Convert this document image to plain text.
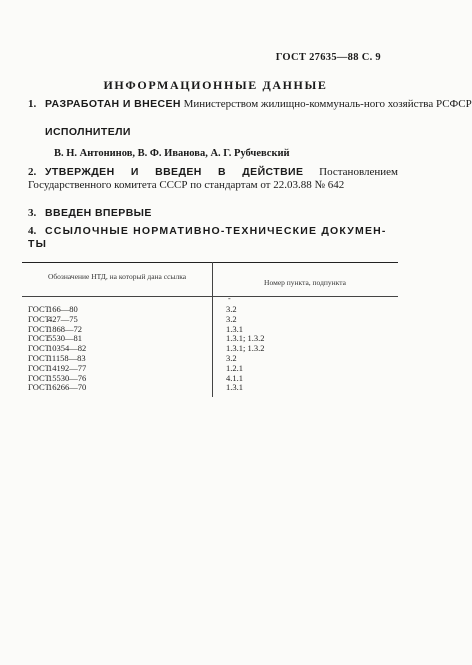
ГОСТ 27635—88 С. 9
ИНФОРМАЦИОННЫЕ ДАННЫЕ
1. РАЗРАБОТАН И ВНЕСЕН Министерством жилищно-коммуналь-ного хозяйства РСФСР
ИСПОЛНИТЕЛИ
В. Н. Антонинов, В. Ф. Иванова, А. Г. Рубчевский
2. УТВЕРЖДЕН И ВВЕДЕН В ДЕЙСТВИЕ Постановлением Государственного комитета СССР по стандартам от 22.03.88 № 642
3. ВВЕДЕН ВПЕРВЫЕ
4. ССЫЛОЧНЫЕ НОРМАТИВНО-ТЕХНИЧЕСКИЕ ДОКУМЕН-ТЫ
Обозначение НТД, на который дана ссылка
Номер пункта, подпункта
-
ГОСТ
166—80
ГОСТ
427—75
ГОСТ
1868—72
ГОСТ
5530—81
ГОСТ
10354—82
ГОСТ
11158—83
ГОСТ
14192—77
ГОСТ
15530—76
ГОСТ
16266—70
3.2
3.2
1.3.1
1.3.1; 1.3.2
1.3.1; 1.3.2
3.2
1.2.1
4.1.1
1.3.1
